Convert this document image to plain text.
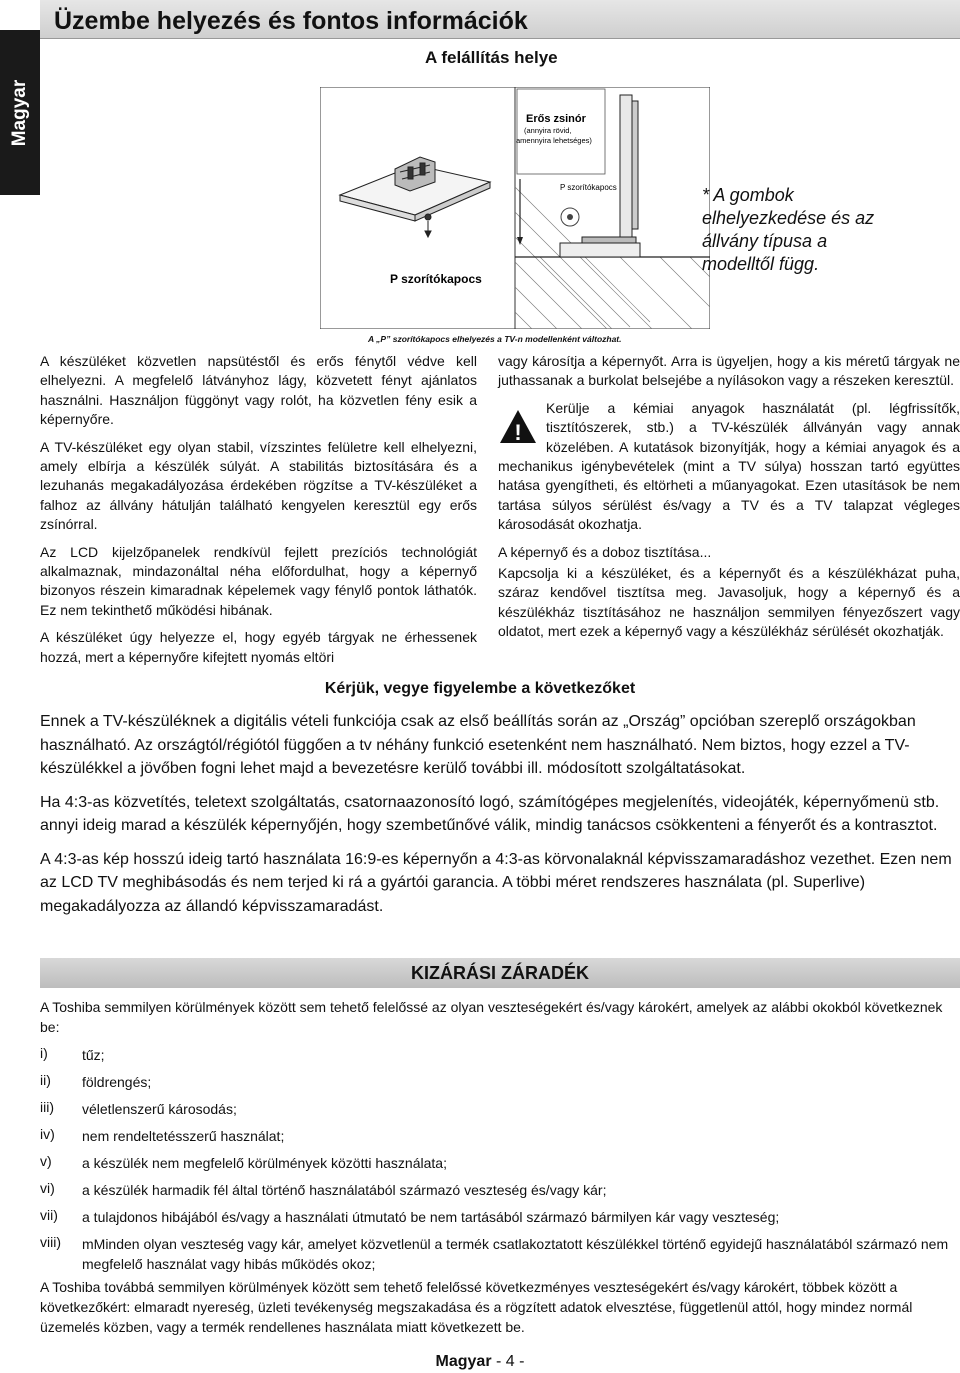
Magyar
Üzembe helyezés és fontos információk
A felállítás helye
P szorítókapocs
Erős zsinór
(annyira rövid,
amennyira lehetséges)
P szorítókapocs	* A gombok elhelyezkedése és az állvány típusa a modelltől függ.
A „P” szorítókapocs elhelyezés a TV-n modellenként változhat.

A készüléket közvetlen napsütéstől és erős fénytől védve kell elhelyezni. A megfelelő látványhoz lágy, közvetett fényt ajánlatos használni. Használjon függönyt vagy rolót, ha közvetlen fény esik a képernyőre.

A TV-készüléket egy olyan stabil, vízszintes felületre kell elhelyezni, amely elbírja a készülék súlyát. A stabilitás biztosítására és a lezuhanás megakadályozása érdekében rögzítse a TV-készüléket a falhoz az állvány hátulján található kengyelen keresztül egy erős zsínórral.

Az LCD kijelzőpanelek rendkívül fejlett prezíciós technológiát alkalmaznak, mindazonáltal néha előfordulhat, hogy a képernyő bizonyos részein kimaradnak képelemek vagy fénylő pontok láthatók. Ez nem tekinthető működési hibának.

A készüléket úgy helyezze el, hogy egyéb tárgyak ne érhessenek hozzá, mert a képernyőre kifejtett nyomás eltöri

vagy károsítja a képernyőt. Arra is ügyeljen, hogy a kis méretű tárgyak ne juthassanak a burkolat belsejébe a nyílásokon vagy a részeken keresztül.

!

Kerülje a kémiai anyagok használatát (pl. légfrissítők, tisztítószerek, stb.) a TV-készülék állványán vagy annak közelében. A kutatások bizonyítják, hogy a kémiai anyagok és a mechanikus igénybevételek (mint a TV súlya) hosszan tartó együttes hatása gyengítheti, és eltörheti a műanyagokat. Ezen utasítások be nem tartása súlyos sérülést és/vagy a TV és a TV talapzat végleges károsodását okozhatja.

A képernyő és a doboz tisztítása...

Kapcsolja ki a készüléket, és a képernyőt és a készülékházat puha, száraz kendővel tisztítsa meg. Javasoljuk, hogy a képernyő és a készülékház tisztításához ne használjon semmilyen fényezőszert vagy oldatot, mert ezek a képernyő vagy a készülékház sérülését okozhatják.

Kérjük, vegye figyelembe a következőket

Ennek a TV-készüléknek a digitális vételi funkciója csak az első beállítás során az „Ország” opcióban szereplő országokban használható. Az országtól/régiótól függően a tv néhány funkció esetenként nem használható. Nem biztos, hogy ezzel a TV-készülékkel a jövőben fogni lehet majd a bevezetésre kerülő további ill. módosított szolgáltatásokat.

Ha 4:3-as közvetítés, teletext szolgáltatás, csatornaazonosító logó, számítógépes megjelenítés, videojáték, képernyőmenü stb. annyi ideig marad a készülék képernyőjén, hogy szembetűnővé válik, mindig tanácsos csökkenteni a fényerőt és a kontrasztot.

A 4:3-as kép hosszú ideig tartó használata 16:9-es képernyőn a 4:3-as körvonalaknál képvisszamaradáshoz vezethet. Ezen nem az LCD TV meghibásodás és nem terjed ki rá a gyártói garancia. A többi méret rendszeres használata (pl. Superlive) megakadályozza az állandó képvisszamaradást.

KIZÁRÁSI ZÁRADÉK
A Toshiba semmilyen körülmények között sem tehető felelőssé az olyan veszteségekért és/vagy károkért, amelyek az alábbi okokból következnek be:
i) tűz;
ii) földrengés;
iii) véletlenszerű károsodás;
iv) nem rendeltetésszerű használat;
v) a készülék nem megfelelő körülmények közötti használata;
vi) a készülék harmadik fél által történő használatából származó veszteség és/vagy kár;
vii) a tulajdonos hibájából és/vagy a használati útmutató be nem tartásából származó bármilyen kár vagy veszteség;
viii) mMinden olyan veszteség vagy kár, amelyet közvetlenül a termék csatlakoztatott készülékkel történő egyidejű használatából származó nem megfelelő használat vagy hibás működés okoz;
A Toshiba továbbá semmilyen körülmények között sem tehető felelőssé következményes veszteségekért és/vagy károkért, többek között a következőkért: elmaradt nyereség, üzleti tevékenység megszakadása és a rögzített adatok elvesztése, függetlenül attól, hogy mindez normál üzemelés közben, vagy a termék rendellenes használata miatt következett be.
Magyar - 4 -
